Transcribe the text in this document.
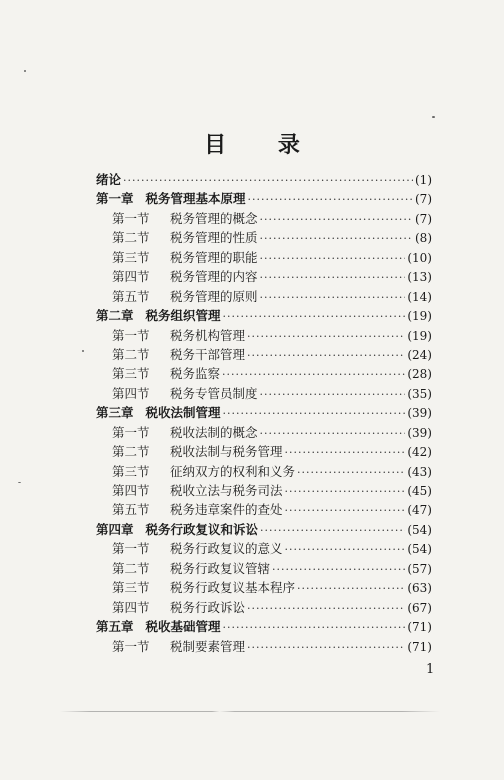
目 录
绪论 ·····	(1)
第一章 税务管理基本原理 ·····	(7)
第一节 税务管理的概念 ·····	(7)
第二节 税务管理的性质 ·····	(8)
第三节 税务管理的职能 ·····	(10)
第四节 税务管理的内容 ·····	(13)
第五节 税务管理的原则 ·····	(14)
第二章 税务组织管理 ·····	(19)
第一节 税务机构管理 ·····	(19)
第二节 税务干部管理 ·····	(24)
第三节 税务监察 ·····	(28)
第四节 税务专管员制度 ·····	(35)
第三章 税收法制管理 ·····	(39)
第一节 税收法制的概念 ·····	(39)
第二节 税收法制与税务管理 ·····	(42)
第三节 征纳双方的权利和义务 ·····	(43)
第四节 税收立法与税务司法 ·····	(45)
第五节 税务违章案件的查处 ·····	(47)
第四章 税务行政复议和诉讼 ·····	(54)
第一节 税务行政复议的意义 ·····	(54)
第二节 税务行政复议管辖 ·····	(57)
第三节 税务行政复议基本程序 ·····	(63)
第四节 税务行政诉讼 ·····	(67)
第五章 税收基础管理 ·····	(71)
第一节 税制要素管理 ·····	(71)
1
